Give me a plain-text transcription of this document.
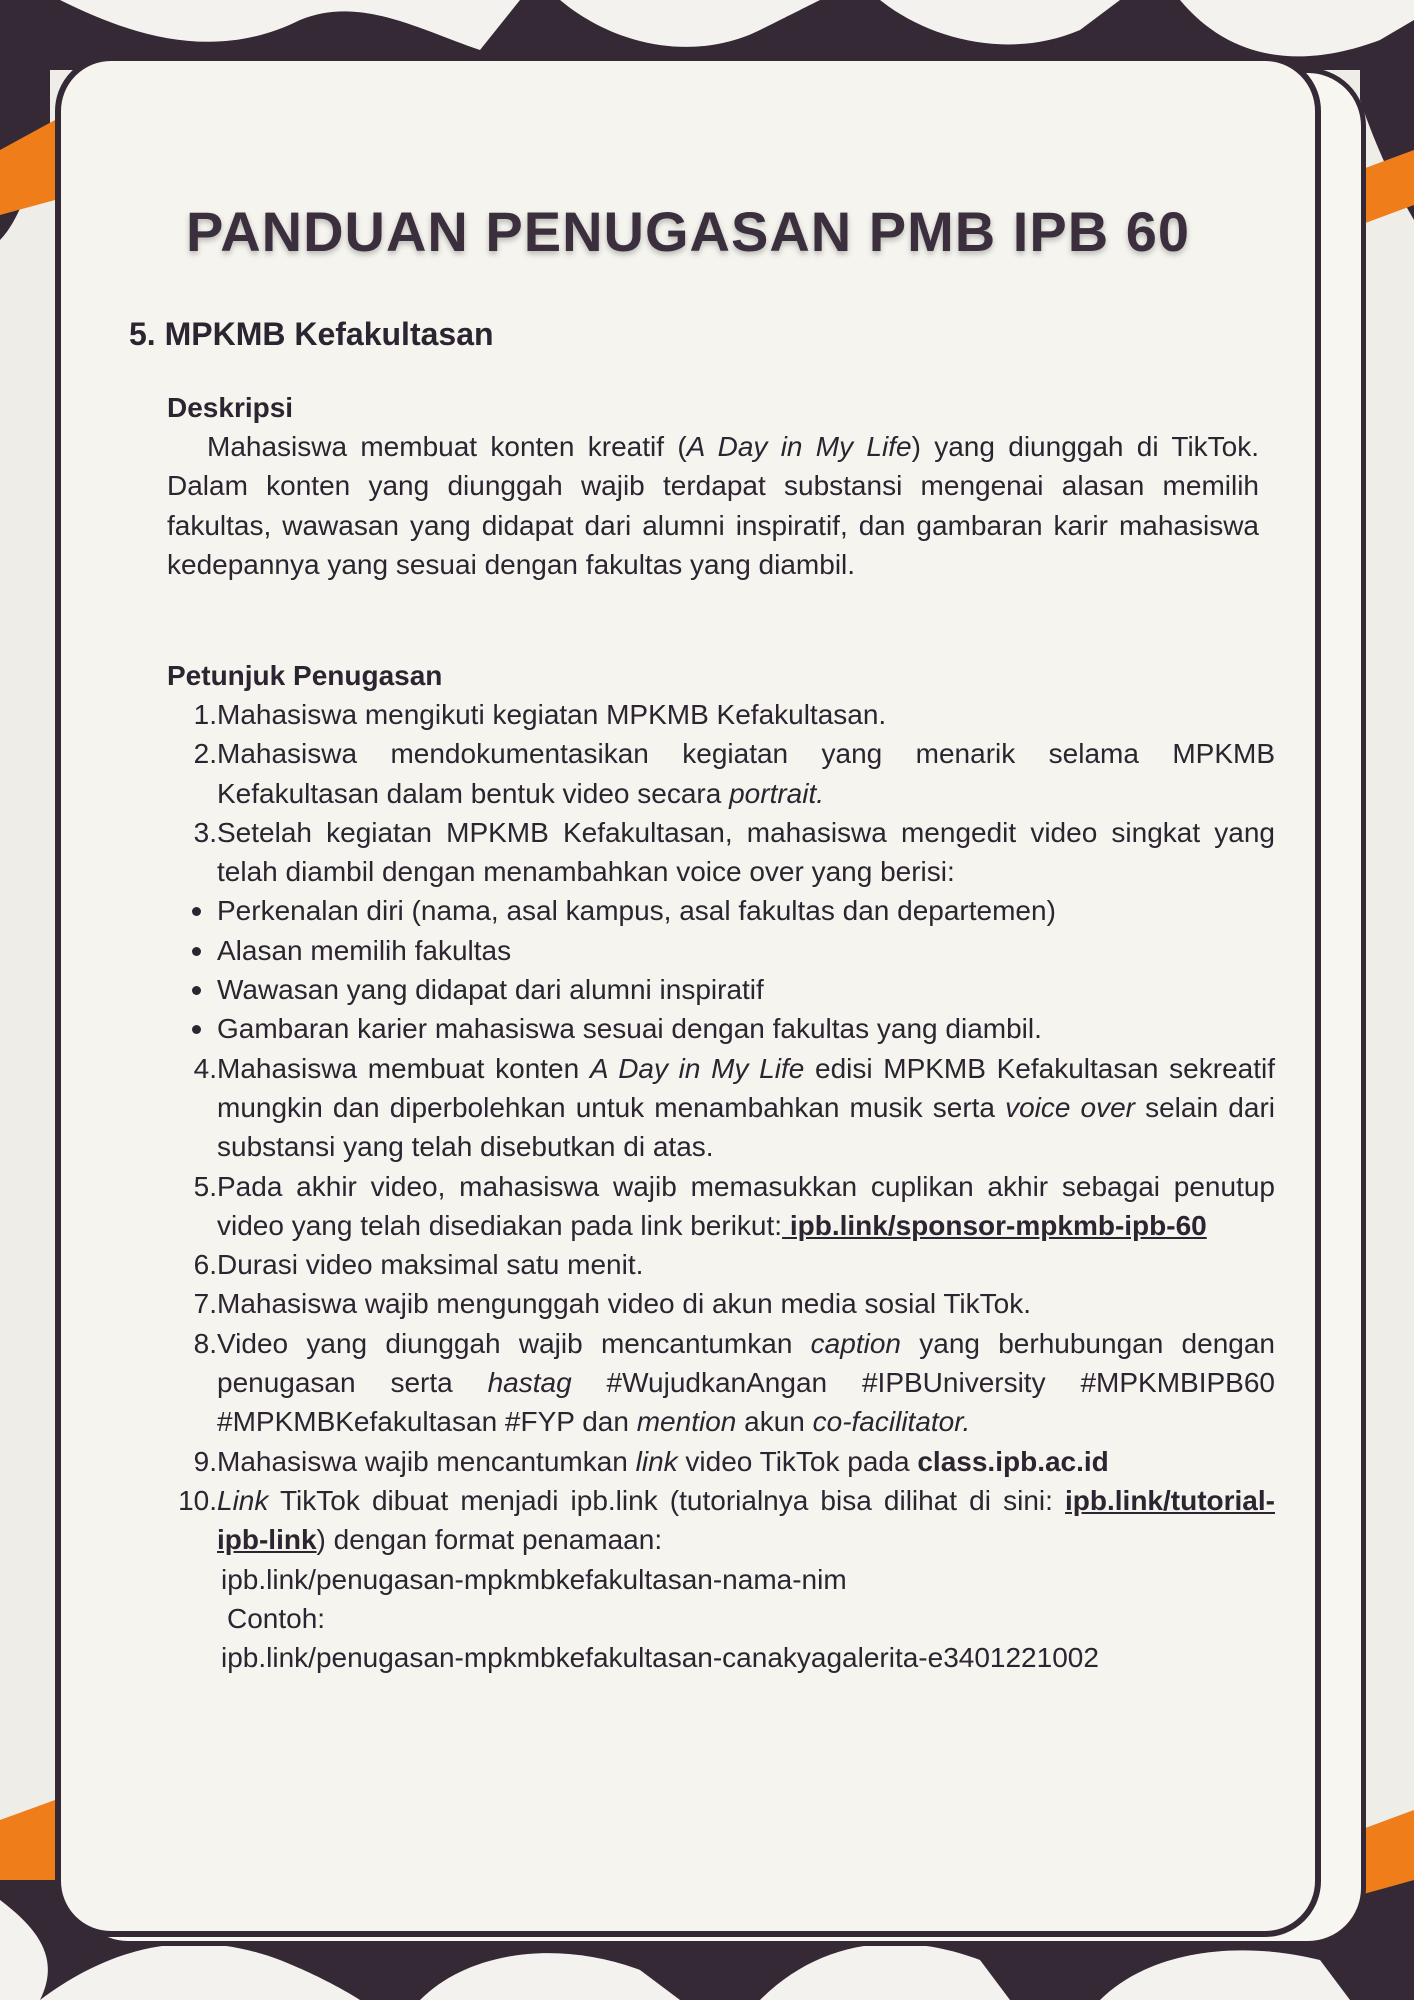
PANDUAN PENUGASAN PMB IPB 60
5. MPKMB Kefakultasan

Deskripsi

Mahasiswa membuat konten kreatif (A Day in My Life) yang diunggah di TikTok. Dalam konten yang diunggah wajib terdapat substansi mengenai alasan memilih fakultas, wawasan yang didapat dari alumni inspiratif, dan gambaran karir mahasiswa kedepannya yang sesuai dengan fakultas yang diambil.

Petunjuk Penugasan

1. Mahasiswa mengikuti kegiatan MPKMB Kefakultasan.
2. Mahasiswa mendokumentasikan kegiatan yang menarik selama MPKMB Kefakultasan dalam bentuk video secara portrait.
3. Setelah kegiatan MPKMB Kefakultasan, mahasiswa mengedit video singkat yang telah diambil dengan menambahkan voice over yang berisi:
Perkenalan diri (nama, asal kampus, asal fakultas dan departemen)
Alasan memilih fakultas
Wawasan yang didapat dari alumni inspiratif
Gambaran karier mahasiswa sesuai dengan fakultas yang diambil.
4. Mahasiswa membuat konten A Day in My Life edisi MPKMB Kefakultasan sekreatif mungkin dan diperbolehkan untuk menambahkan musik serta voice over selain dari substansi yang telah disebutkan di atas.
5. Pada akhir video, mahasiswa wajib memasukkan cuplikan akhir sebagai penutup video yang telah disediakan pada link berikut: ipb.link/sponsor-mpkmb-ipb-60
6. Durasi video maksimal satu menit.
7. Mahasiswa wajib mengunggah video di akun media sosial TikTok.
8. Video yang diunggah wajib mencantumkan caption yang berhubungan dengan penugasan serta hastag #WujudkanAngan #IPBUniversity #MPKMBIPB60 #MPKMBKefakultasan #FYP dan mention akun co-facilitator.
9. Mahasiswa wajib mencantumkan link video TikTok pada class.ipb.ac.id
10. Link TikTok dibuat menjadi ipb.link (tutorialnya bisa dilihat di sini: ipb.link/tutorial-ipb-link) dengan format penamaan:
ipb.link/penugasan-mpkmbkefakultasan-nama-nim
Contoh:
ipb.link/penugasan-mpkmbkefakultasan-canakyagalerita-e3401221002
